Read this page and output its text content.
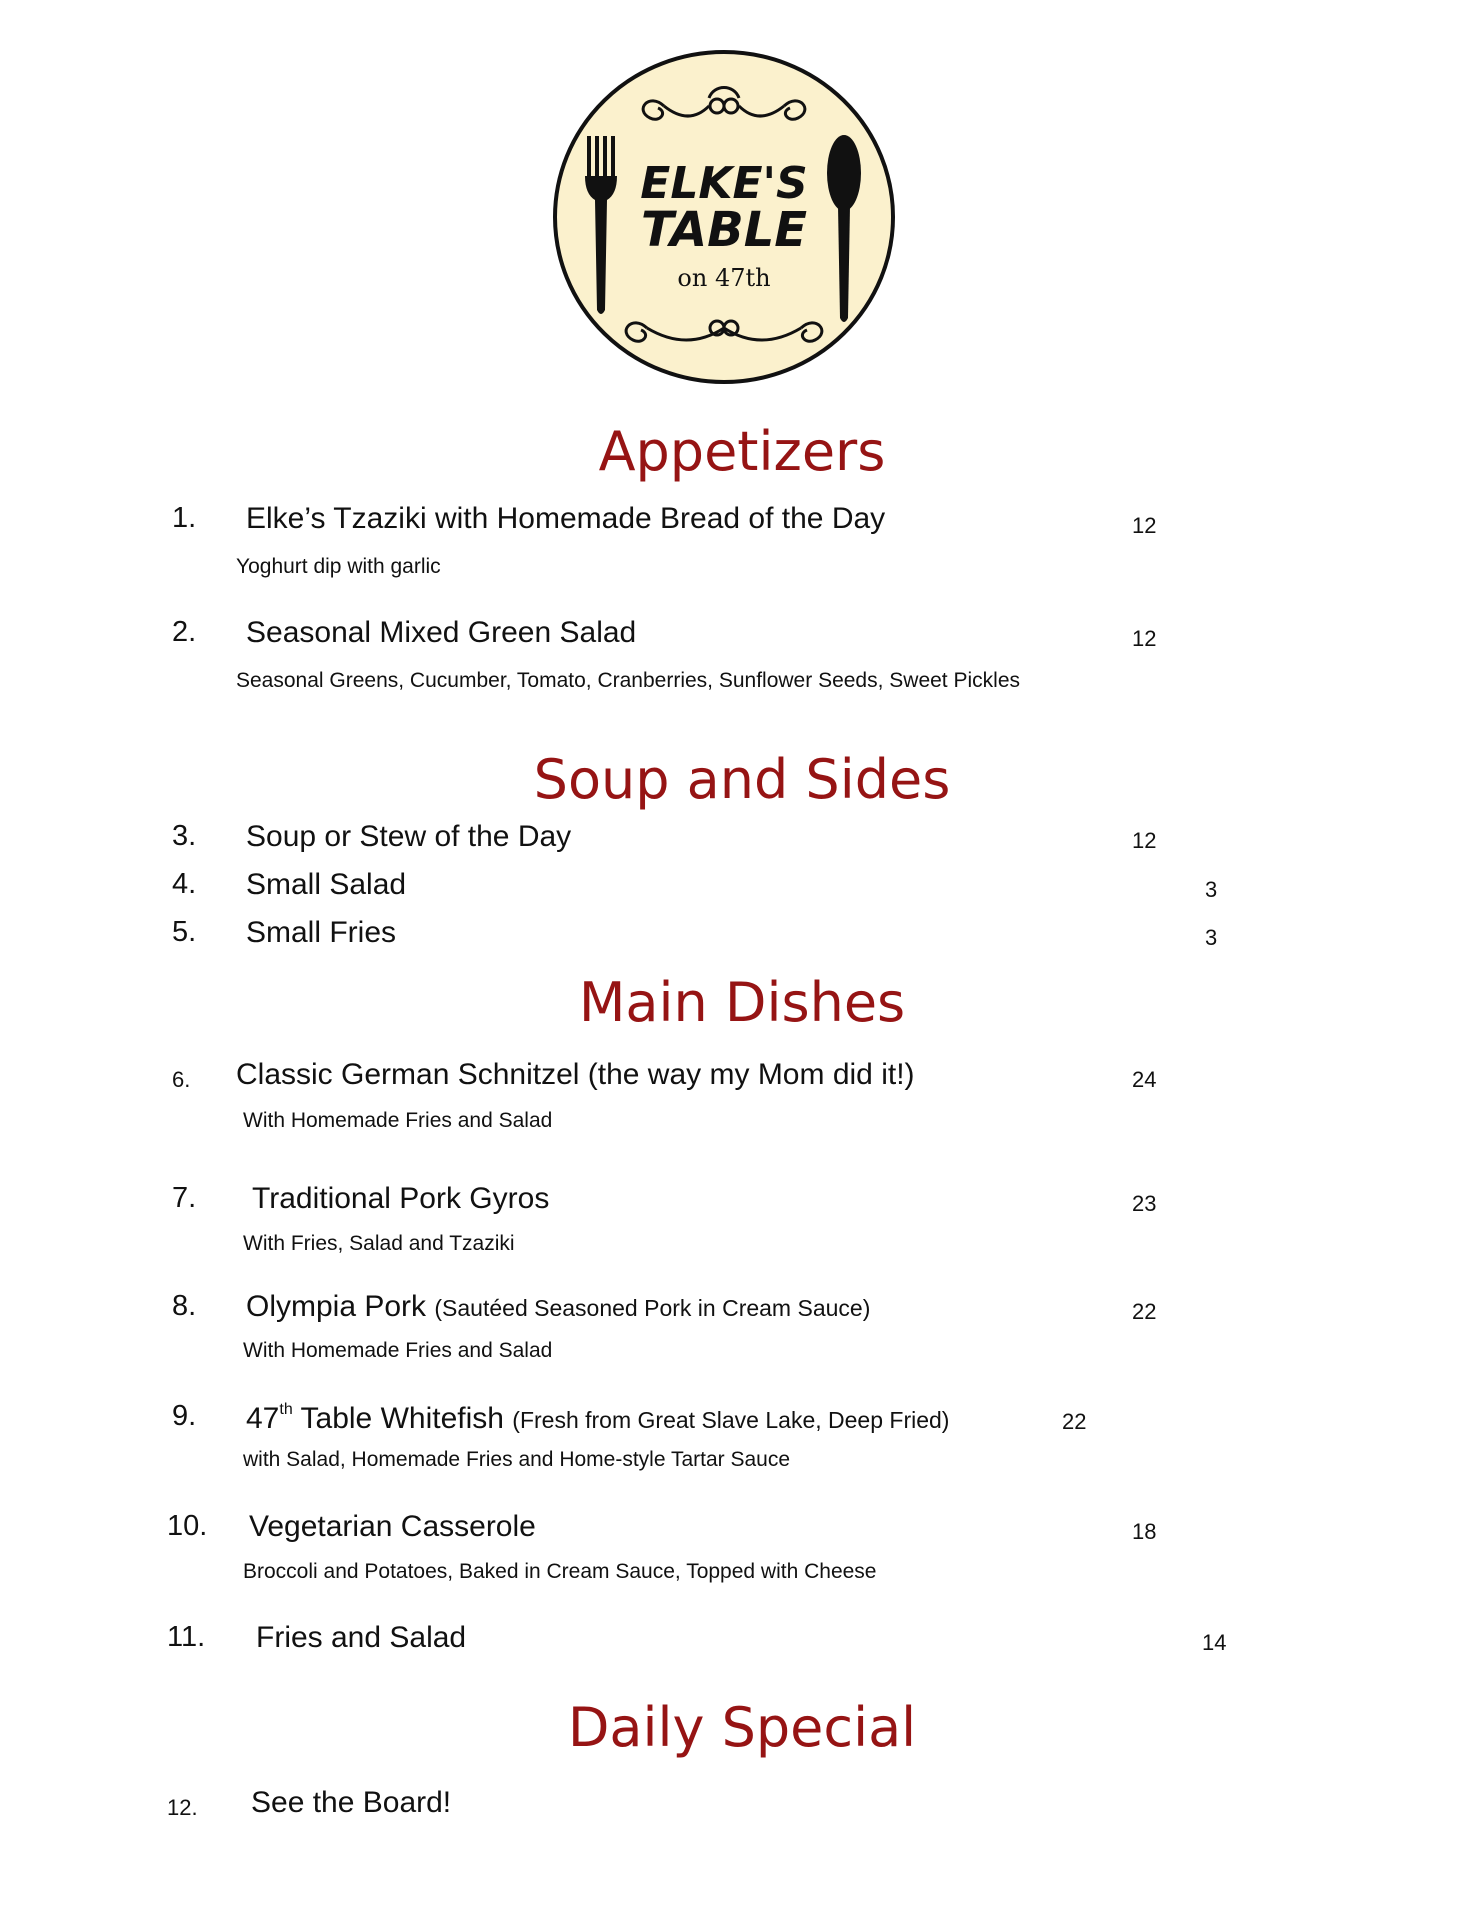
ELKE'S
TABLE
on 47th
Appetizers
1. Elke’s Tzaziki with Homemade Bread of the Day	12
Yoghurt dip with garlic
2. Seasonal Mixed Green Salad	12
Seasonal Greens, Cucumber, Tomato, Cranberries, Sunflower Seeds, Sweet Pickles
Soup and Sides
3. Soup or Stew of the Day	12
4. Small Salad	3
5. Small Fries	3
Main Dishes
6. Classic German Schnitzel (the way my Mom did it!)	24
With Homemade Fries and Salad
7. Traditional Pork Gyros	23
With Fries, Salad and Tzaziki
8. Olympia Pork (Sautéed Seasoned Pork in Cream Sauce)	22
With Homemade Fries and Salad
9. 47th Table Whitefish (Fresh from Great Slave Lake, Deep Fried)	22
with Salad, Homemade Fries and Home-style Tartar Sauce
10. Vegetarian Casserole	18
Broccoli and Potatoes, Baked in Cream Sauce, Topped with Cheese
11. Fries and Salad	14
Daily Special
12. See the Board!
